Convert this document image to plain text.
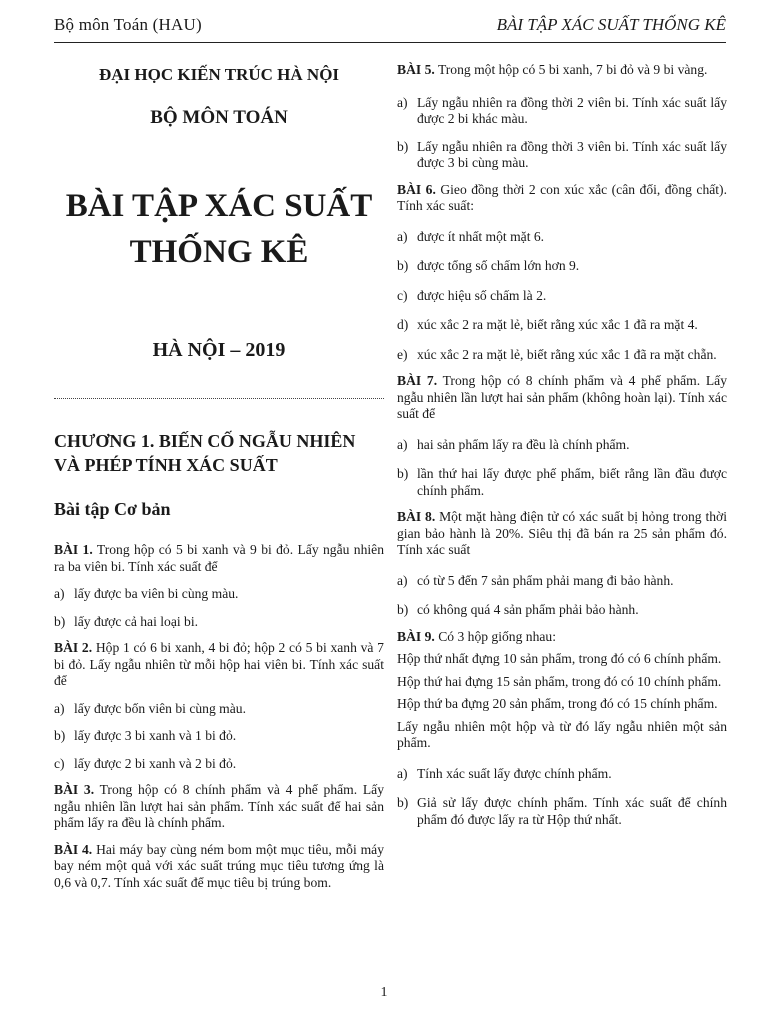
Bộ môn Toán (HAU)	BÀI TẬP XÁC SUẤT THỐNG KÊ
ĐẠI HỌC KIẾN TRÚC HÀ NỘI
BỘ MÔN TOÁN
BÀI TẬP XÁC SUẤT
THỐNG KÊ
HÀ NỘI – 2019
CHƯƠNG 1. BIẾN CỐ NGẪU NHIÊN VÀ PHÉP TÍNH XÁC SUẤT
Bài tập Cơ bản

BÀI 1. Trong hộp có 5 bi xanh và 9 bi đỏ. Lấy ngẫu nhiên ra ba viên bi. Tính xác suất để

a) lấy được ba viên bi cùng màu.
b) lấy được cả hai loại bi.

BÀI 2. Hộp 1 có 6 bi xanh, 4 bi đỏ; hộp 2 có 5 bi xanh và 7 bi đỏ. Lấy ngẫu nhiên từ mỗi hộp hai viên bi. Tính xác suất để

a) lấy được bốn viên bi cùng màu.
b) lấy được 3 bi xanh và 1 bi đỏ.
c) lấy được 2 bi xanh và 2 bi đỏ.

BÀI 3. Trong hộp có 8 chính phẩm và 4 phế phẩm. Lấy ngẫu nhiên lần lượt hai sản phẩm. Tính xác suất để hai sản phẩm lấy ra đều là chính phẩm.

BÀI 4. Hai máy bay cùng ném bom một mục tiêu, mỗi máy bay ném một quả với xác suất trúng mục tiêu tương ứng là 0,6 và 0,7. Tính xác suất để mục tiêu bị trúng bom.

BÀI 5. Trong một hộp có 5 bi xanh, 7 bi đỏ và 9 bi vàng.

a) Lấy ngẫu nhiên ra đồng thời 2 viên bi. Tính xác suất lấy được 2 bi khác màu.
b) Lấy ngẫu nhiên ra đồng thời 3 viên bi. Tính xác suất lấy được 3 bi cùng màu.

BÀI 6. Gieo đồng thời 2 con xúc xắc (cân đối, đồng chất). Tính xác suất:

a) được ít nhất một mặt 6.
b) được tổng số chấm lớn hơn 9.
c) được hiệu số chấm là 2.
d) xúc xắc 2 ra mặt lẻ, biết rằng xúc xắc 1 đã ra mặt 4.
e) xúc xắc 2 ra mặt lẻ, biết rằng xúc xắc 1 đã ra mặt chẵn.

BÀI 7. Trong hộp có 8 chính phẩm và 4 phế phẩm. Lấy ngẫu nhiên lần lượt hai sản phẩm (không hoàn lại). Tính xác suất để

a) hai sản phẩm lấy ra đều là chính phẩm.
b) lần thứ hai lấy được phế phẩm, biết rằng lần đầu được chính phẩm.

BÀI 8. Một mặt hàng điện tử có xác suất bị hỏng trong thời gian bảo hành là 20%. Siêu thị đã bán ra 25 sản phẩm đó. Tính xác suất

a) có từ 5 đến 7 sản phẩm phải mang đi bảo hành.
b) có không quá 4 sản phẩm phải bảo hành.

BÀI 9. Có 3 hộp giống nhau:

Hộp thứ nhất đựng 10 sản phẩm, trong đó có 6 chính phẩm.

Hộp thứ hai đựng 15 sản phẩm, trong đó có 10 chính phẩm.

Hộp thứ ba đựng 20 sản phẩm, trong đó có 15 chính phẩm.

Lấy ngẫu nhiên một hộp và từ đó lấy ngẫu nhiên một sản phẩm.

a) Tính xác suất lấy được chính phẩm.
b) Giả sử lấy được chính phẩm. Tính xác suất để chính phẩm đó được lấy ra từ Hộp thứ nhất.
1
